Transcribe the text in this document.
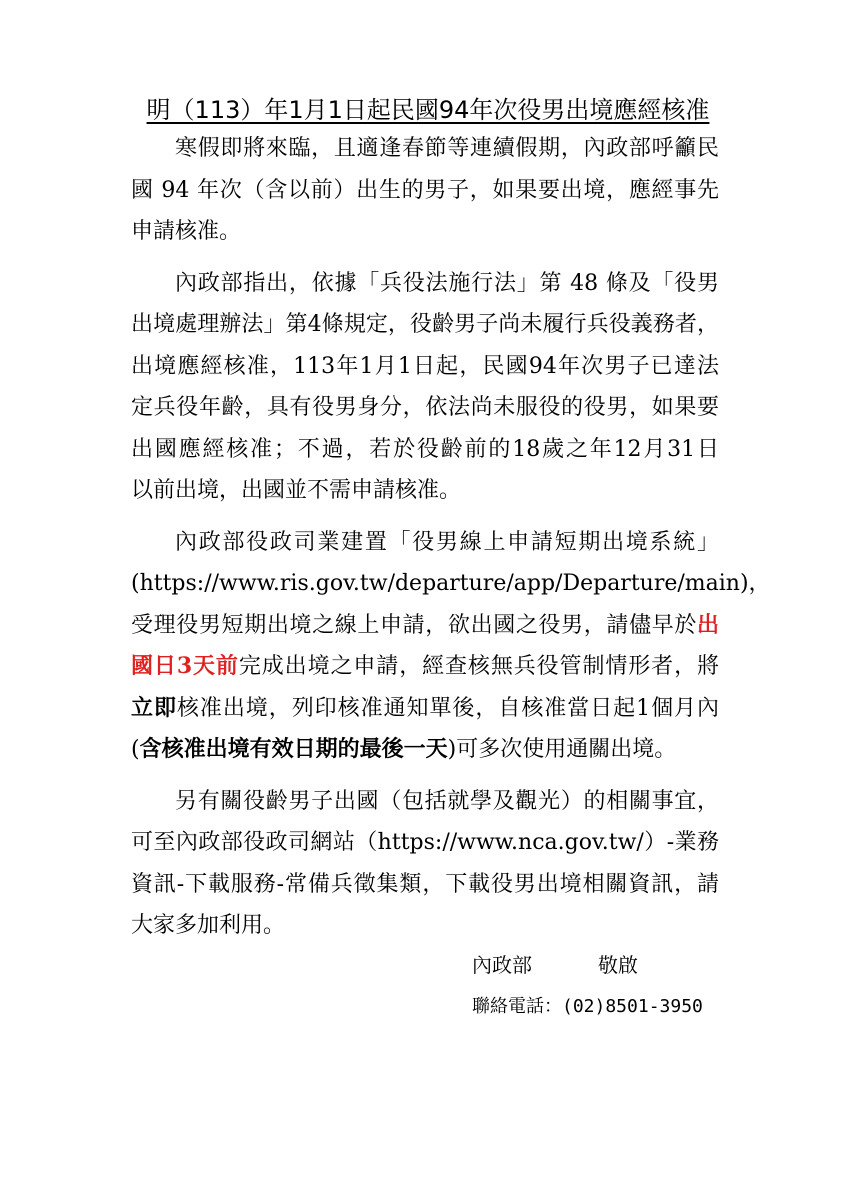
明（113）年1月1日起民國94年次役男出境應經核准
寒假即將來臨，且適逢春節等連續假期，內政部呼籲民
國 94 年次（含以前）出生的男子，如果要出境，應經事先
申請核准。
內政部指出，依據「兵役法施行法」第 48 條及「役男
出境處理辦法」第4條規定，役齡男子尚未履行兵役義務者，
出境應經核准，113年1月1日起，民國94年次男子已達法
定兵役年齡，具有役男身分，依法尚未服役的役男，如果要
出國應經核准；不過，若於役齡前的18歲之年12月31日
以前出境，出國並不需申請核准。
內政部役政司業建置「役男線上申請短期出境系統」
(https://www.ris.gov.tw/departure/app/Departure/main)，
受理役男短期出境之線上申請，欲出國之役男，請儘早於出
國日3天前完成出境之申請，經查核無兵役管制情形者，將
立即核准出境，列印核准通知單後，自核准當日起1個月內
(含核准出境有效日期的最後一天)可多次使用通關出境。
另有關役齡男子出國（包括就學及觀光）的相關事宜，
可至內政部役政司網站（https://www.nca.gov.tw/）-業務
資訊-下載服務-常備兵徵集類，下載役男出境相關資訊，請
大家多加利用。
內政部	敬啟
聯絡電話：(02)8501-3950
